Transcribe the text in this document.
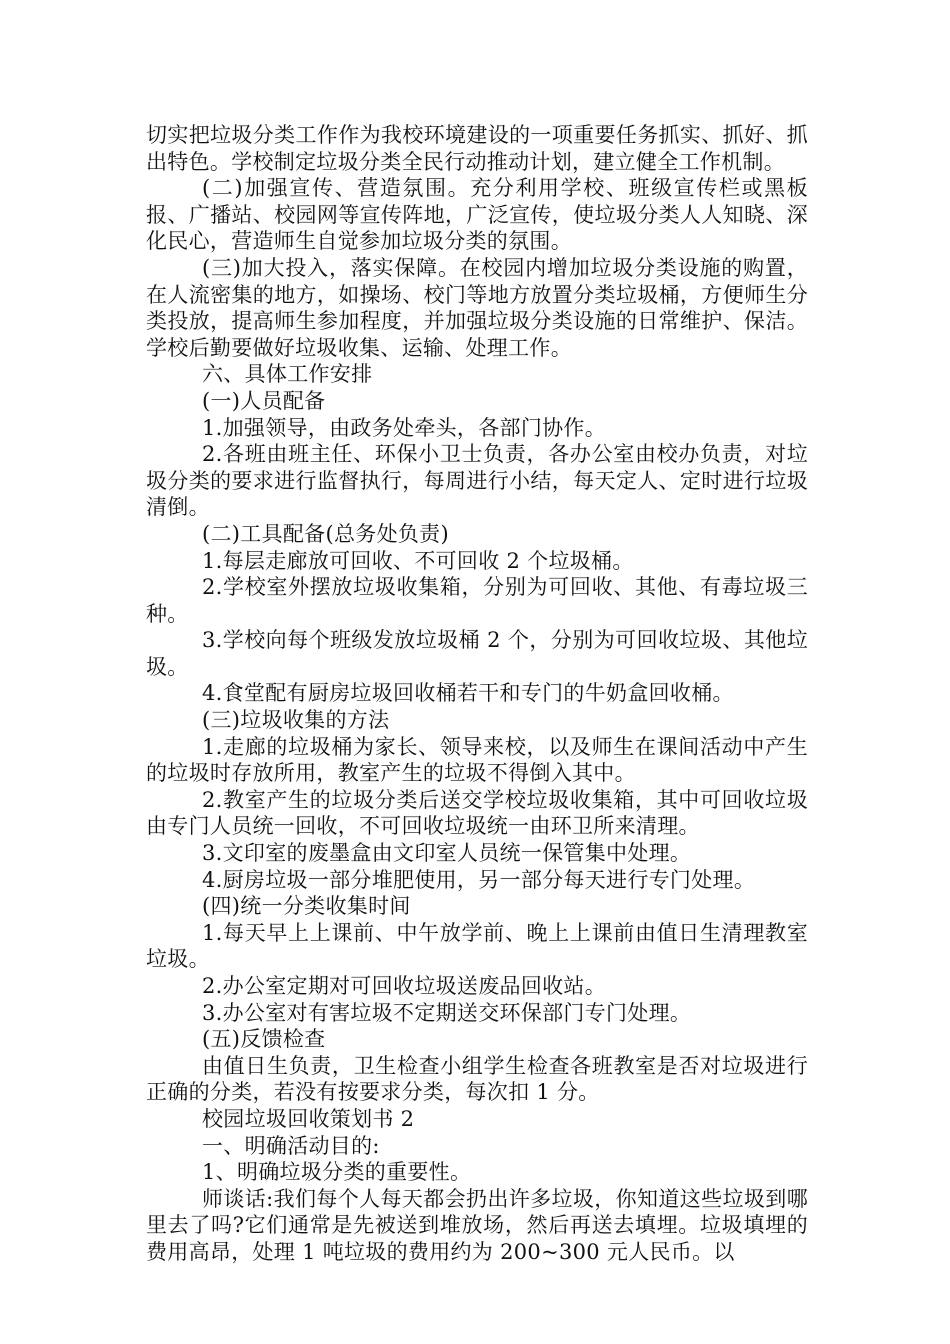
切实把垃圾分类工作作为我校环境建设的一项重要任务抓实、抓好、抓出特色。学校制定垃圾分类全民行动推动计划，建立健全工作机制。

(二)加强宣传、营造氛围。充分利用学校、班级宣传栏或黑板报、广播站、校园网等宣传阵地，广泛宣传，使垃圾分类人人知晓、深化民心，营造师生自觉参加垃圾分类的氛围。

(三)加大投入，落实保障。在校园内增加垃圾分类设施的购置，在人流密集的地方，如操场、校门等地方放置分类垃圾桶，方便师生分类投放，提高师生参加程度，并加强垃圾分类设施的日常维护、保洁。学校后勤要做好垃圾收集、运输、处理工作。

六、具体工作安排

(一)人员配备

1.加强领导，由政务处牵头，各部门协作。

2.各班由班主任、环保小卫士负责，各办公室由校办负责，对垃圾分类的要求进行监督执行，每周进行小结，每天定人、定时进行垃圾清倒。

(二)工具配备(总务处负责)

1.每层走廊放可回收、不可回收 2 个垃圾桶。

2.学校室外摆放垃圾收集箱，分别为可回收、其他、有毒垃圾三种。

3.学校向每个班级发放垃圾桶 2 个，分别为可回收垃圾、其他垃圾。

4.食堂配有厨房垃圾回收桶若干和专门的牛奶盒回收桶。

(三)垃圾收集的方法

1.走廊的垃圾桶为家长、领导来校，以及师生在课间活动中产生的垃圾时存放所用，教室产生的垃圾不得倒入其中。

2.教室产生的垃圾分类后送交学校垃圾收集箱，其中可回收垃圾由专门人员统一回收，不可回收垃圾统一由环卫所来清理。

3.文印室的废墨盒由文印室人员统一保管集中处理。

4.厨房垃圾一部分堆肥使用，另一部分每天进行专门处理。

(四)统一分类收集时间

1.每天早上上课前、中午放学前、晚上上课前由值日生清理教室垃圾。

2.办公室定期对可回收垃圾送废品回收站。

3.办公室对有害垃圾不定期送交环保部门专门处理。

(五)反馈检查

由值日生负责，卫生检查小组学生检查各班教室是否对垃圾进行正确的分类，若没有按要求分类，每次扣 1 分。

校园垃圾回收策划书 2

一、明确活动目的:

1、明确垃圾分类的重要性。

师谈话:我们每个人每天都会扔出许多垃圾，你知道这些垃圾到哪里去了吗?它们通常是先被送到堆放场，然后再送去填埋。垃圾填埋的费用高昂，处理 1 吨垃圾的费用约为 200~300 元人民币。以
